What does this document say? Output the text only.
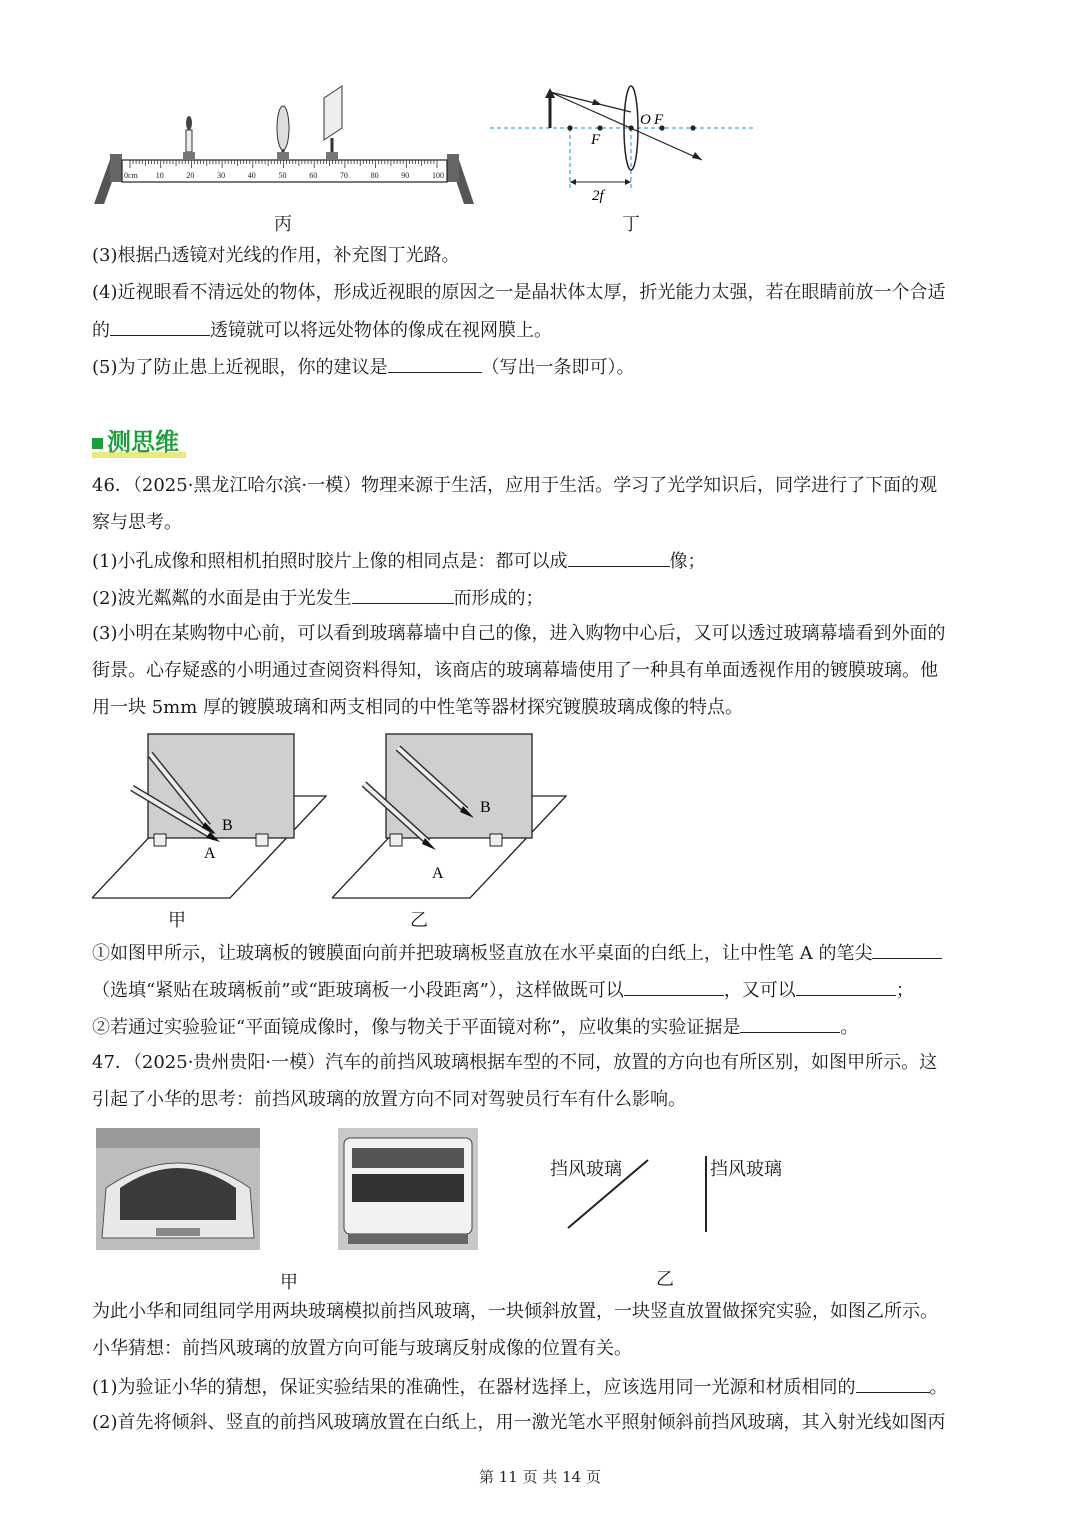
0cm 10	20	30	40	50	60	70	80	90	100
丙
F
O F
2f
丁
(3)根据凸透镜对光线的作用，补充图丁光路。
(4)近视眼看不清远处的物体，形成近视眼的原因之一是晶状体太厚，折光能力太强，若在眼睛前放一个合适
的	透镜就可以将远处物体的像成在视网膜上。
(5)为了防止患上近视眼，你的建议是	（写出一条即可）。
测思维
46．（2025·黑龙江哈尔滨·一模）物理来源于生活，应用于生活。学习了光学知识后，同学进行了下面的观
察与思考。
(1)小孔成像和照相机拍照时胶片上像的相同点是：都可以成	像；
(2)波光粼粼的水面是由于光发生	而形成的；
(3)小明在某购物中心前，可以看到玻璃幕墙中自己的像，进入购物中心后，又可以透过玻璃幕墙看到外面的
街景。心存疑惑的小明通过查阅资料得知，该商店的玻璃幕墙使用了一种具有单面透视作用的镀膜玻璃。他
用一块 5mm 厚的镀膜玻璃和两支相同的中性笔等器材探究镀膜玻璃成像的特点。
B
A
甲
B
A
乙
①如图甲所示，让玻璃板的镀膜面向前并把玻璃板竖直放在水平桌面的白纸上，让中性笔 A 的笔尖
（选填“紧贴在玻璃板前”或“距玻璃板一小段距离”），这样做既可以	，又可以	；
②若通过实验验证“平面镜成像时，像与物关于平面镜对称”，应收集的实验证据是	。
47．（2025·贵州贵阳·一模）汽车的前挡风玻璃根据车型的不同，放置的方向也有所区别，如图甲所示。这
引起了小华的思考：前挡风玻璃的放置方向不同对驾驶员行车有什么影响。
甲
挡风玻璃	挡风玻璃
乙
为此小华和同组同学用两块玻璃模拟前挡风玻璃，一块倾斜放置，一块竖直放置做探究实验，如图乙所示。
小华猜想：前挡风玻璃的放置方向可能与玻璃反射成像的位置有关。
(1)为验证小华的猜想，保证实验结果的准确性，在器材选择上，应该选用同一光源和材质相同的	。
(2)首先将倾斜、竖直的前挡风玻璃放置在白纸上，用一激光笔水平照射倾斜前挡风玻璃，其入射光线如图丙
第 11 页 共 14 页
